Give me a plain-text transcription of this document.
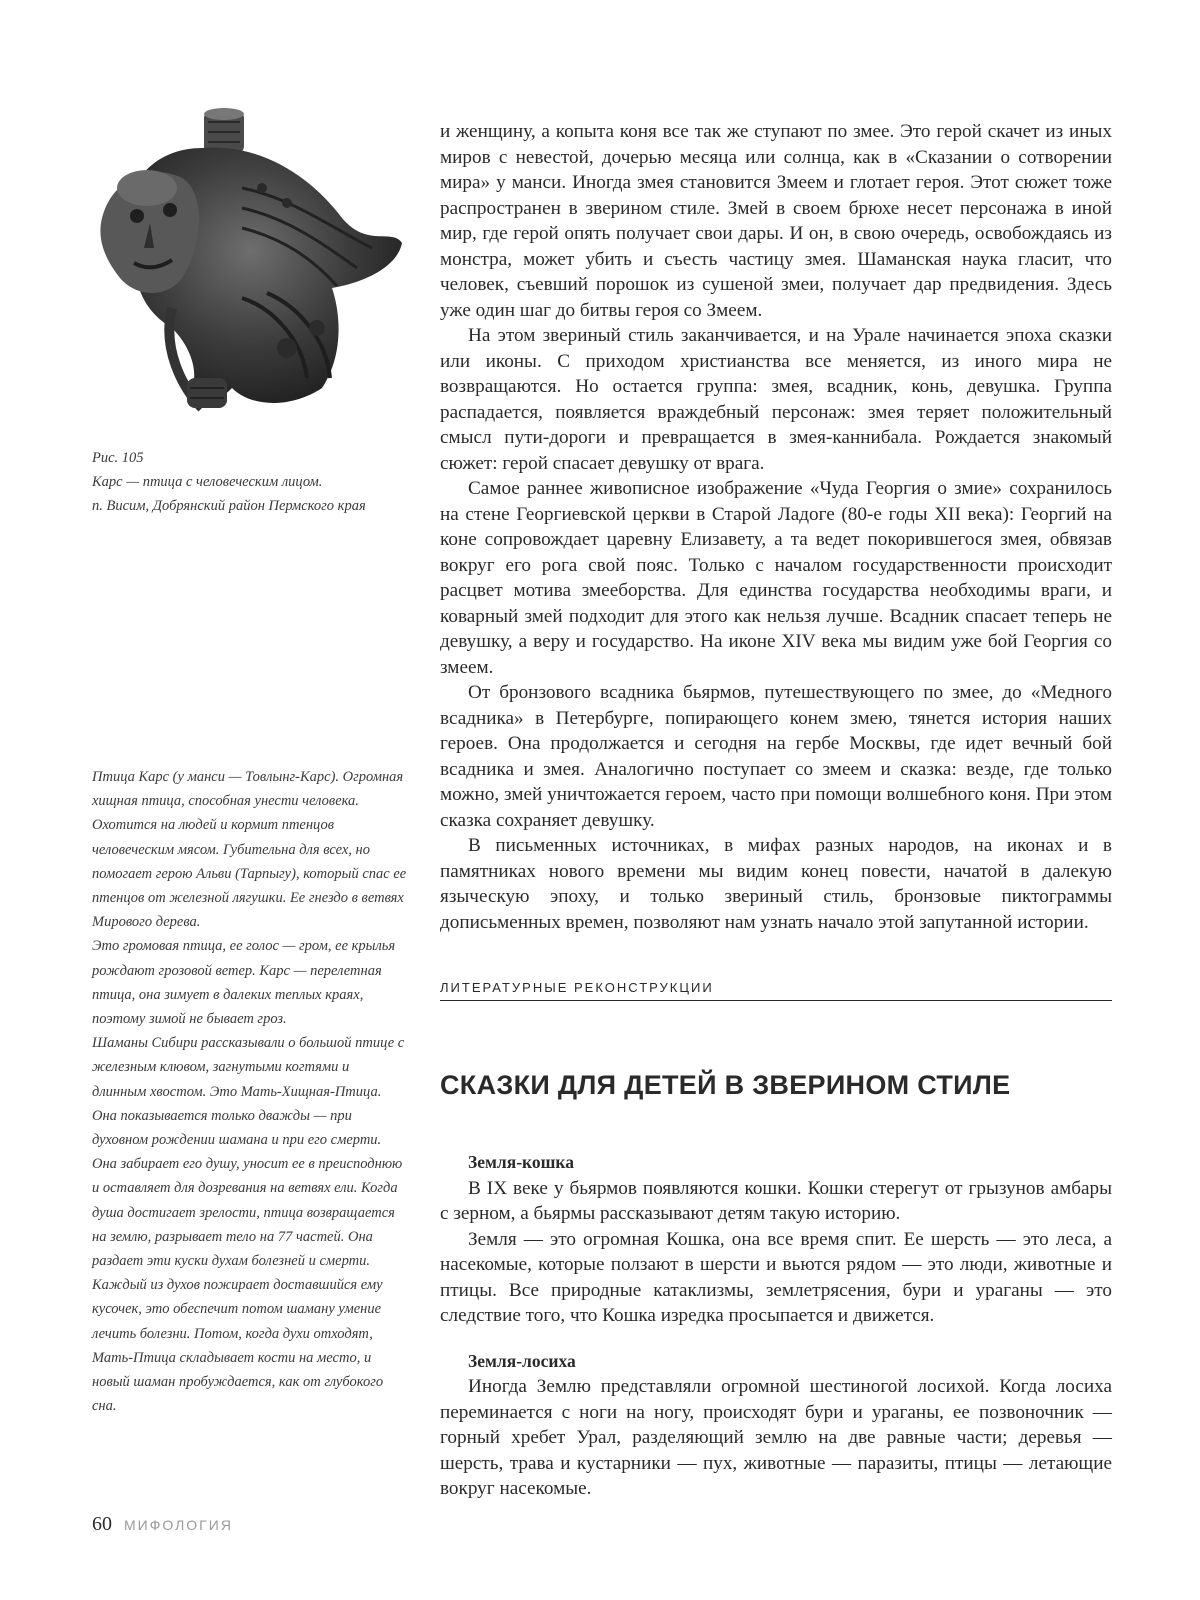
Рис. 105
Карс — птица с человеческим лицом.
п. Висим, Добрянский район Пермского края

Птица Карс (у манси — Товлынг-Карс). Огромная хищная птица, способная унести человека. Охотится на людей и кормит птенцов человеческим мясом. Губительна для всех, но помогает герою Альви (Тарпыгу), который спас ее птенцов от железной лягушки. Ее гнездо в ветвях Мирового дерева.

Это громовая птица, ее голос — гром, ее крылья рождают грозовой ветер. Карс — перелетная птица, она зимует в далеких теплых краях, поэтому зимой не бывает гроз.

Шаманы Сибири рассказывали о большой птице с железным клювом, загнутыми когтями и длинным хвостом. Это Мать-Хищная-Птица. Она показывается только дважды — при духовном рождении шамана и при его смерти. Она забирает его душу, уносит ее в преисподнюю и оставляет для дозревания на ветвях ели. Когда душа достигает зрелости, птица возвращается на землю, разрывает тело на 77 частей. Она раздает эти куски духам болезней и смерти. Каждый из духов пожирает доставшийся ему кусочек, это обеспечит потом шаману умение лечить болезни. Потом, когда духи отходят, Мать-Птица складывает кости на место, и новый шаман пробуждается, как от глубокого сна.

и женщину, а копыта коня все так же ступают по змее. Это герой скачет из иных миров с невестой, дочерью месяца или солнца, как в «Сказании о сотворении мира» у манси. Иногда змея становится Змеем и глотает героя. Этот сюжет тоже распространен в зверином стиле. Змей в своем брюхе несет персонажа в иной мир, где герой опять получает свои дары. И он, в свою очередь, освобождаясь из монстра, может убить и съесть частицу змея. Шаманская наука гласит, что человек, съевший порошок из сушеной змеи, получает дар предвидения. Здесь уже один шаг до битвы героя со Змеем.

На этом звериный стиль заканчивается, и на Урале начинается эпоха сказки или иконы. С приходом христианства все меняется, из иного мира не возвращаются. Но остается группа: змея, всадник, конь, девушка. Группа распадается, появляется враждебный персонаж: змея теряет положительный смысл пути-дороги и превращается в змея-каннибала. Рождается знакомый сюжет: герой спасает девушку от врага.

Самое раннее живописное изображение «Чуда Георгия о змие» сохранилось на стене Георгиевской церкви в Старой Ладоге (80-е годы XII века): Георгий на коне сопровождает царевну Елизавету, а та ведет покорившегося змея, обвязав вокруг его рога свой пояс. Только с началом государственности происходит расцвет мотива змееборства. Для единства государства необходимы враги, и коварный змей подходит для этого как нельзя лучше. Всадник спасает теперь не девушку, а веру и государство. На иконе XIV века мы видим уже бой Георгия со змеем.

От бронзового всадника бьярмов, путешествующего по змее, до «Медного всадника» в Петербурге, попирающего конем змею, тянется история наших героев. Она продолжается и сегодня на гербе Москвы, где идет вечный бой всадника и змея. Аналогично поступает со змеем и сказка: везде, где только можно, змей уничтожается героем, часто при помощи волшебного коня. При этом сказка сохраняет девушку.

В письменных источниках, в мифах разных народов, на иконах и в памятниках нового времени мы видим конец повести, начатой в далекую языческую эпоху, и только звериный стиль, бронзовые пиктограммы дописьменных времен, позволяют нам узнать начало этой запутанной истории.

ЛИТЕРАТУРНЫЕ РЕКОНСТРУКЦИИ
СКАЗКИ ДЛЯ ДЕТЕЙ В ЗВЕРИНОМ СТИЛЕ
Земля-кошка

В IX веке у бьярмов появляются кошки. Кошки стерегут от грызунов амбары с зерном, а бьярмы рассказывают детям такую историю.

Земля — это огромная Кошка, она все время спит. Ее шерсть — это леса, а насекомые, которые ползают в шерсти и вьются рядом — это люди, животные и птицы. Все природные катаклизмы, землетрясения, бури и ураганы — это следствие того, что Кошка изредка просыпается и движется.

Земля-лосиха

Иногда Землю представляли огромной шестиногой лосихой. Когда лосиха переминается с ноги на ногу, происходят бури и ураганы, ее позвоночник — горный хребет Урал, разделяющий землю на две равные части; деревья — шерсть, трава и кустарники — пух, животные — паразиты, птицы — летающие вокруг насекомые.

60 МИФОЛОГИЯ
